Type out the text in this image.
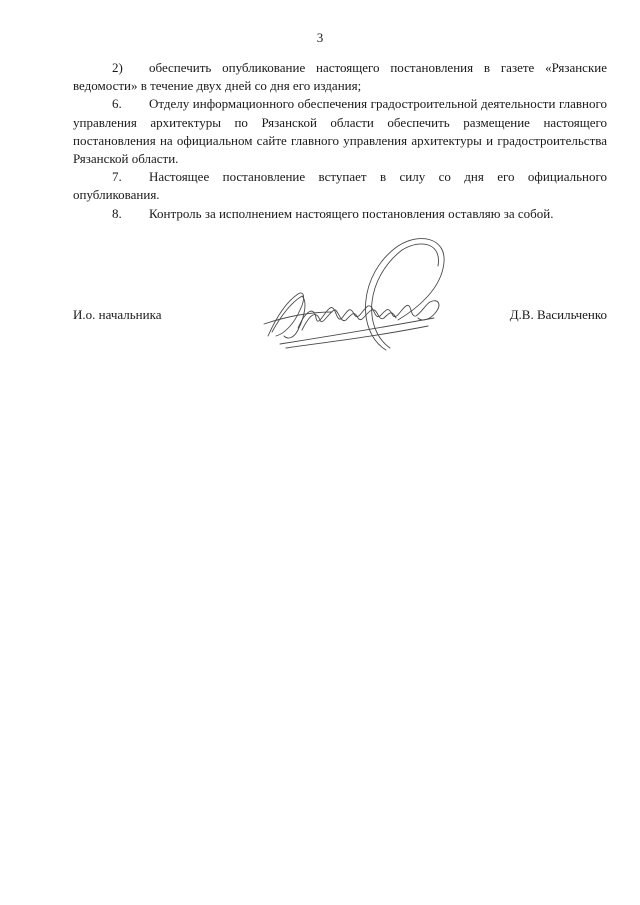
3

2) обеспечить опубликование настоящего постановления в газете «Рязанские ведомости» в течение двух дней со дня его издания;

6. Отделу информационного обеспечения градостроительной деятельности главного управления архитектуры по Рязанской области обеспечить размещение настоящего постановления на официальном сайте главного управления архитектуры и градостроительства Рязанской области.

7. Настоящее постановление вступает в силу со дня его официального опубликования.

8. Контроль за исполнением настоящего постановления оставляю за собой.

И.о. начальника	Д.В. Васильченко
